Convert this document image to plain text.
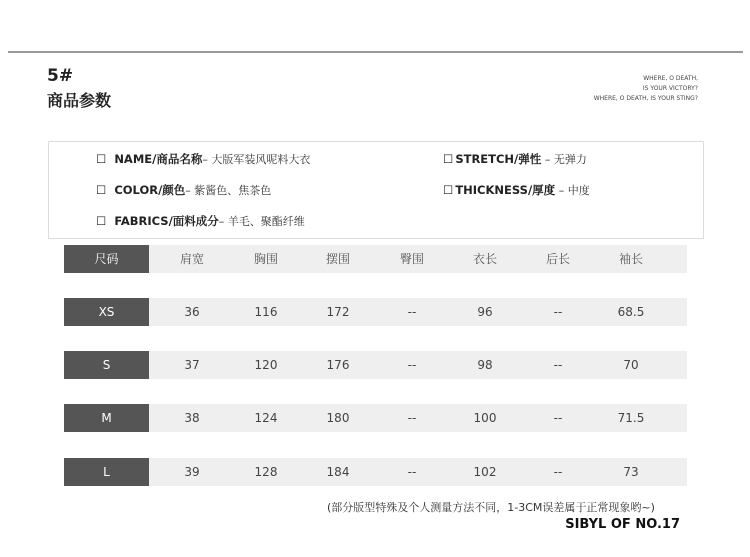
5#
商品参数
WHERE, O DEATH,
IS YOUR VICTORY?
WHERE, O DEATH, IS YOUR STING?
☐ NAME/商品名称– 大版军装风呢料大衣	☐ STRETCH/弹性 – 无弹力
☐ COLOR/颜色– 紫酱色、焦茶色	☐ THICKNESS/厚度 – 中度
☐ FABRICS/面料成分– 羊毛、聚酯纤维
尺码	肩宽	胸围	摆围	臀围	衣长	后长	袖长
XS	36	116	172	--	96	--	68.5
S	37	120	176	--	98	--	70
M	38	124	180	--	100	--	71.5
L	39	128	184	--	102	--	73
(部分版型特殊及个人测量方法不同，1-3CM误差属于正常现象哟~)
SIBYL OF NO.17
